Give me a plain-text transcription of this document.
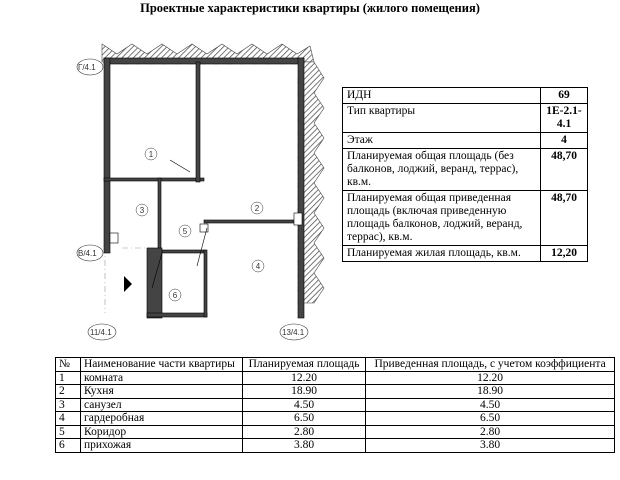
Проектные характеристики квартиры (жилого помещения)
Г/4.1
В/4.1
11/4.1	13/4.1
1
2
3
4
5
6
ИДН	69
Тип квартиры	1Е-2.1-4.1
Этаж	4
Планируемая общая площадь (без балконов, лоджий, веранд, террас), кв.м.	48,70
Планируемая общая приведенная площадь (включая приведенную площадь балконов, лоджий, веранд, террас), кв.м.	48,70
Планируемая жилая площадь, кв.м.	12,20
№	Наименование части квартиры	Планируемая площадь	Приведенная площадь, с учетом коэффициента
1	комната	12.20	12.20
2	Кухня	18.90	18.90
3	санузел	4.50	4.50
4	гардеробная	6.50	6.50
5	Коридор	2.80	2.80
6	прихожая	3.80	3.80
